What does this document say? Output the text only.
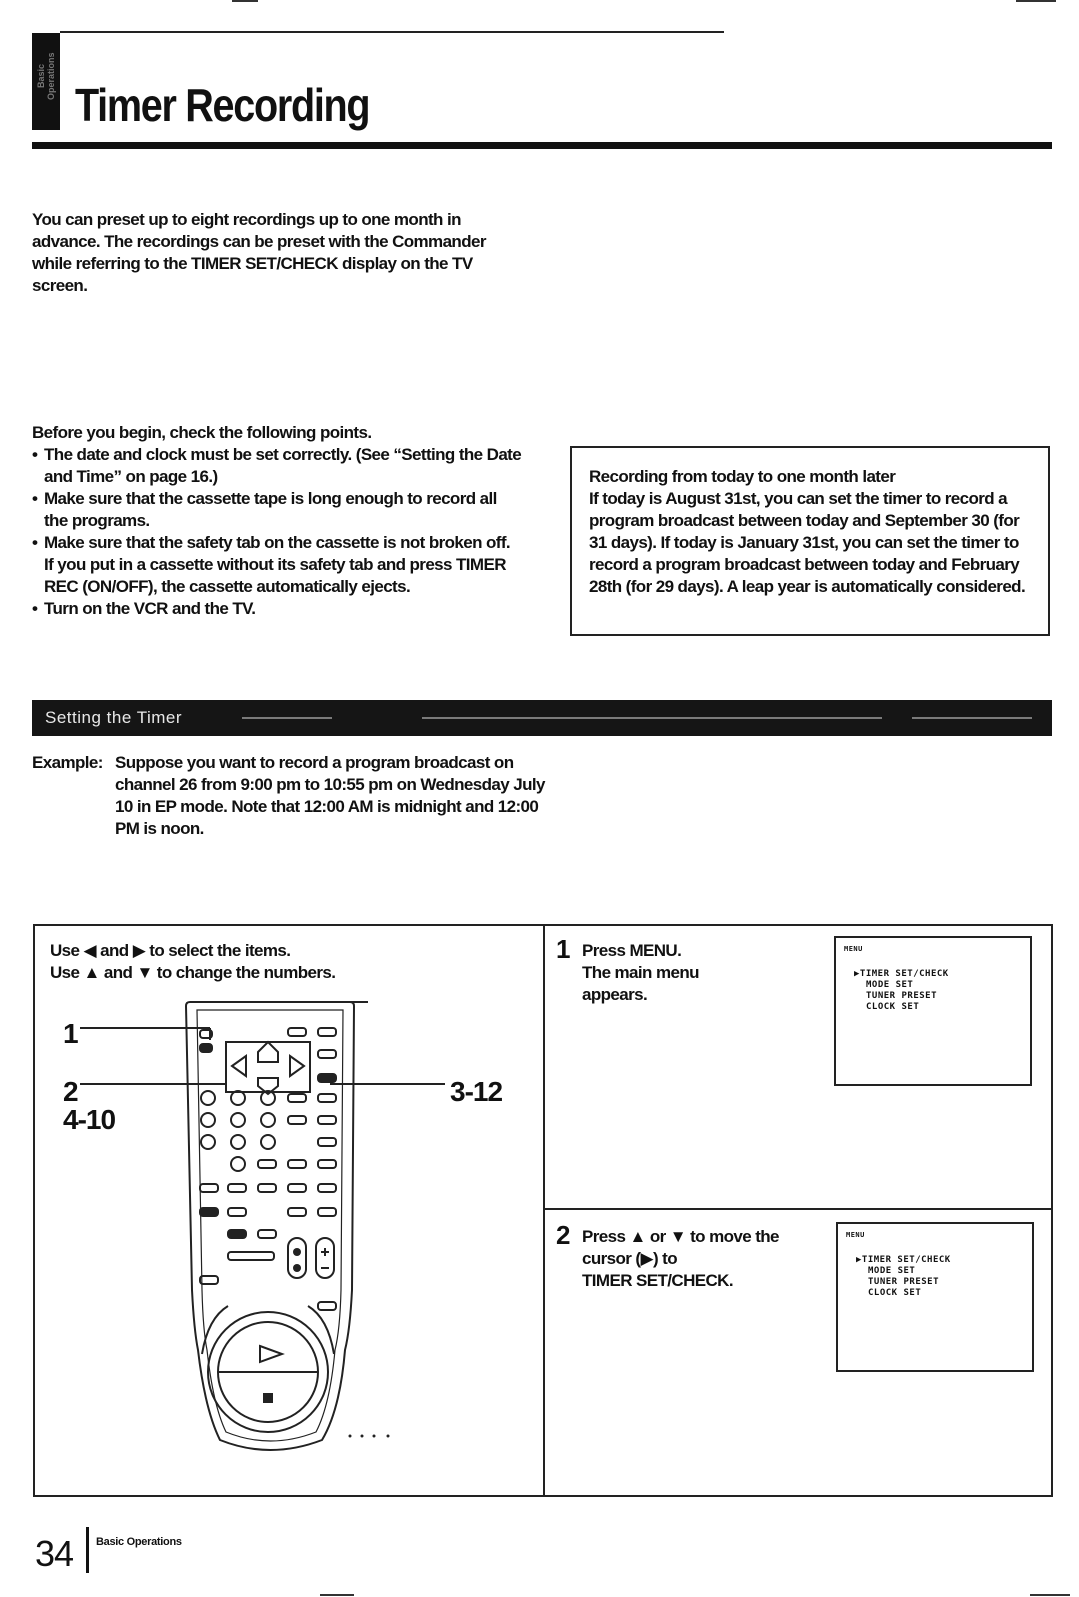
Basic Operations
Timer Recording
You can preset up to eight recordings up to one month in advance. The recordings can be preset with the Commander while referring to the TIMER SET/CHECK display on the TV screen.
Before you begin, check the following points.
• The date and clock must be set correctly. (See “Setting the Date and Time” on page 16.)
• Make sure that the cassette tape is long enough to record all the programs.
• Make sure that the safety tab on the cassette is not broken off. If you put in a cassette without its safety tab and press TIMER REC (ON/OFF), the cassette automatically ejects.
• Turn on the VCR and the TV.
Recording from today to one month later
If today is August 31st, you can set the timer to record a program broadcast between today and September 30 (for 31 days). If today is January 31st, you can set the timer to record a program broadcast between today and February 28th (for 29 days). A leap year is automatically considered.
Setting the Timer
Example: Suppose you want to record a program broadcast on channel 26 from 9:00 pm to 10:55 pm on Wednesday July 10 in EP mode. Note that 12:00 AM is midnight and 12:00 PM is noon.
Use ◀ and ▶ to select the items.
Use ▲ and ▼ to change the numbers.
1
2
4-10
3-12
1 Press MENU.
The main menu appears.
MENU
▶TIMER SET/CHECK
MODE SET
TUNER PRESET
CLOCK SET
2 Press ▲ or ▼ to move the cursor (▶) to
TIMER SET/CHECK.
MENU
▶TIMER SET/CHECK
MODE SET
TUNER PRESET
CLOCK SET
34 Basic Operations
